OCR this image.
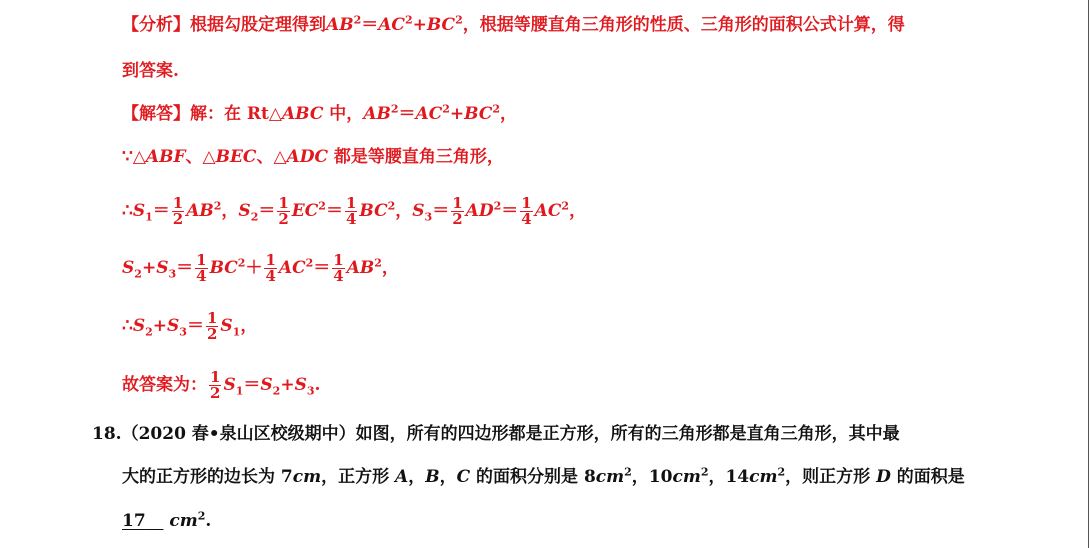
【分析】根据勾股定理得到$AB^2=AC^2+BC^2$，根据等腰直角三角形的性质、三角形的面积公式计算，得
到答案.
【解答】解：在 Rt△ABC 中，$AB^2=AC^2+BC^2$，
∵△ABF、△BEC、△ADC 都是等腰直角三角形，
$\therefore S_1= \frac{1}{2} AB^2$，$S_2= \frac{1}{2} EC^2= \frac{1}{4} BC^2$，$S_3= \frac{1}{2} AD^2= \frac{1}{4} AC^2$，
$S_2+S_3= \frac{1}{4} BC^2+ \frac{1}{4} AC^2= \frac{1}{4} AB^2$，
$\therefore S_2+S_3= \frac{1}{2} S_1$，
故答案为： $\frac{1}{2} S_1=S_2+S_3$.
18.（2020 春•泉山区校级期中）如图，所有的四边形都是正方形，所有的三角形都是直角三角形，其中最
大的正方形的边长为 7cm，正方形 A，B，C 的面积分别是 $8cm^2$，$10cm^2$，$14cm^2$，则正方形 D 的面积是
17 $cm^2$.
